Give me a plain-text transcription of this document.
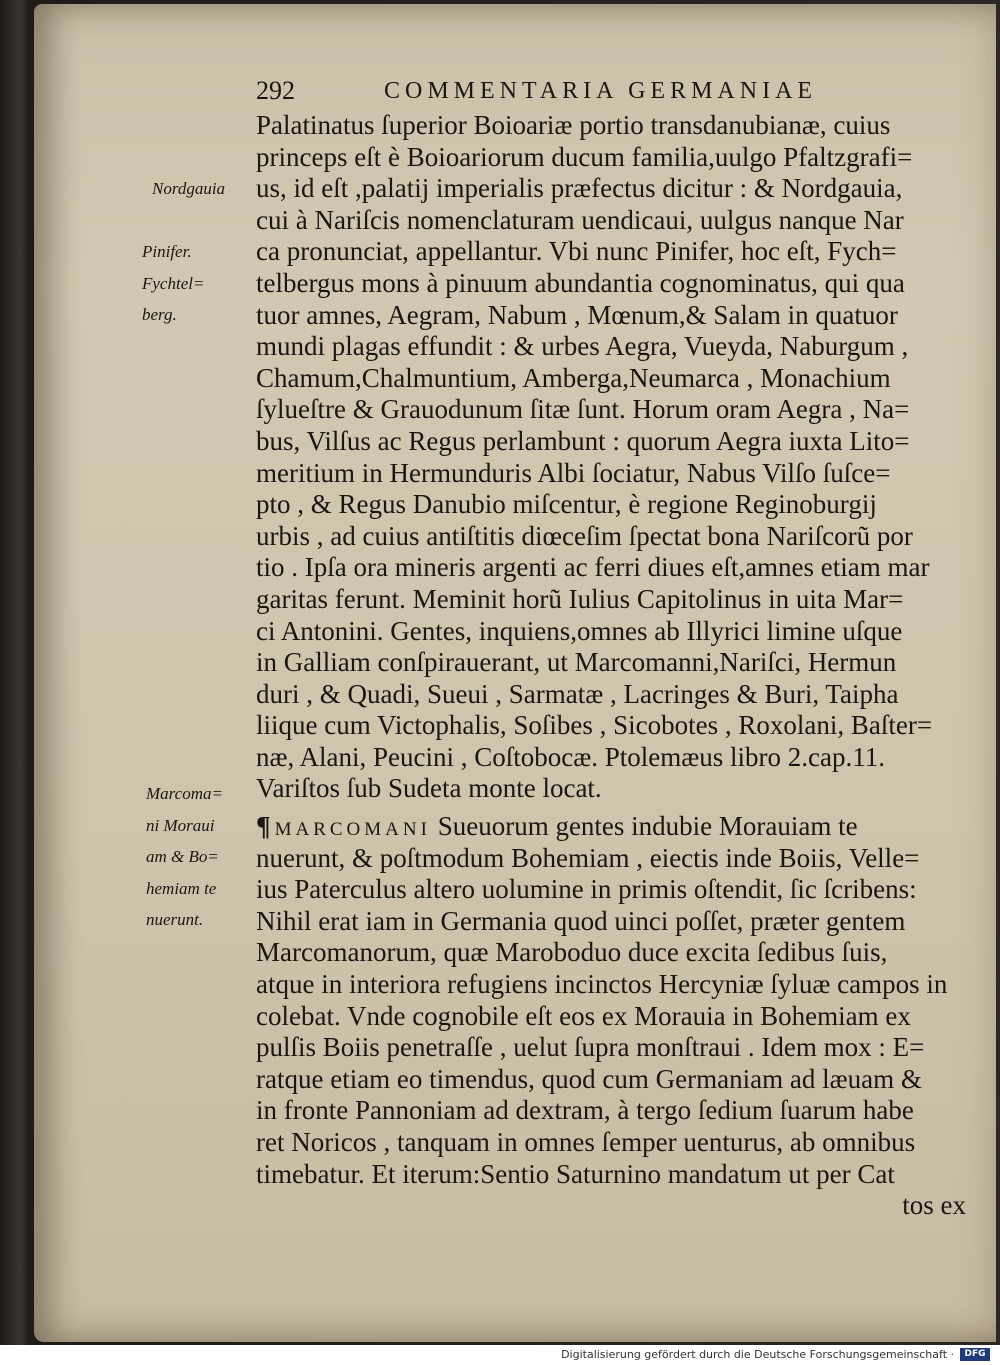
292	COMMENTARIA GERMANIAE
Palatinatus ſuperior Boioariæ portio transdanubianæ, cuius
princeps eſt è Boioariorum ducum familia,uulgo Pfaltzgrafi=
us, id eſt ,palatij imperialis præfectus dicitur : & Nordgauia,
cui à Nariſcis nomenclaturam uendicaui, uulgus nanque Nar
ca pronunciat, appellantur. Vbi nunc Pinifer, hoc eſt, Fych=
telbergus mons à pinuum abundantia cognominatus, qui qua
tuor amnes, Aegram, Nabum , Mœnum,& Salam in quatuor
mundi plagas effundit : & urbes Aegra, Vueyda, Naburgum ,
Chamum,Chalmuntium, Amberga,Neumarca , Monachium
ſylueſtre & Grauodunum ſitæ ſunt. Horum oram Aegra , Na=
bus, Vilſus ac Regus perlambunt : quorum Aegra iuxta Lito=
meritium in Hermunduris Albi ſociatur, Nabus Vilſo ſuſce=
pto , & Regus Danubio miſcentur, è regione Reginoburgij
urbis , ad cuius antiſtitis diœceſim ſpectat bona Nariſcorũ por
tio . Ipſa ora mineris argenti ac ferri diues eſt,amnes etiam mar
garitas ferunt. Meminit horũ Iulius Capitolinus in uita Mar=
ci Antonini. Gentes, inquiens,omnes ab Illyrici limine uſque
in Galliam conſpirauerant, ut Marcomanni,Nariſci, Hermun
duri , & Quadi, Sueui , Sarmatæ , Lacringes & Buri, Taipha
liique cum Victophalis, Soſibes , Sicobotes , Roxolani, Baſter=
næ, Alani, Peucini , Coſtobocæ. Ptolemæus libro 2.cap.11.
Variſtos ſub Sudeta monte locat.
¶ MARCOMANI Sueuorum gentes indubie Morauiam te
nuerunt, & poſtmodum Bohemiam , eiectis inde Boiis, Velle=
ius Paterculus altero uolumine in primis oſtendit, ſic ſcribens:
Nihil erat iam in Germania quod uinci poſſet, præter gentem
Marcomanorum, quæ Maroboduo duce excita ſedibus ſuis,
atque in interiora refugiens incinctos Hercyniæ ſyluæ campos in
colebat. Vnde cognobile eſt eos ex Morauia in Bohemiam ex
pulſis Boiis penetraſſe , uelut ſupra monſtraui . Idem mox : E=
ratque etiam eo timendus, quod cum Germaniam ad læuam &
in fronte Pannoniam ad dextram, à tergo ſedium ſuarum habe
ret Noricos , tanquam in omnes ſemper uenturus, ab omnibus
timebatur. Et iterum:Sentio Saturnino mandatum ut per Cat
tos ex
Nordgauia
Pinifer.
Fychtel=
berg.
Marcoma=
ni Moraui
am & Bo=
hemiam te
nuerunt.
Digitalisierung gefördert durch die Deutsche Forschungsgemeinschaft ·	DFG
